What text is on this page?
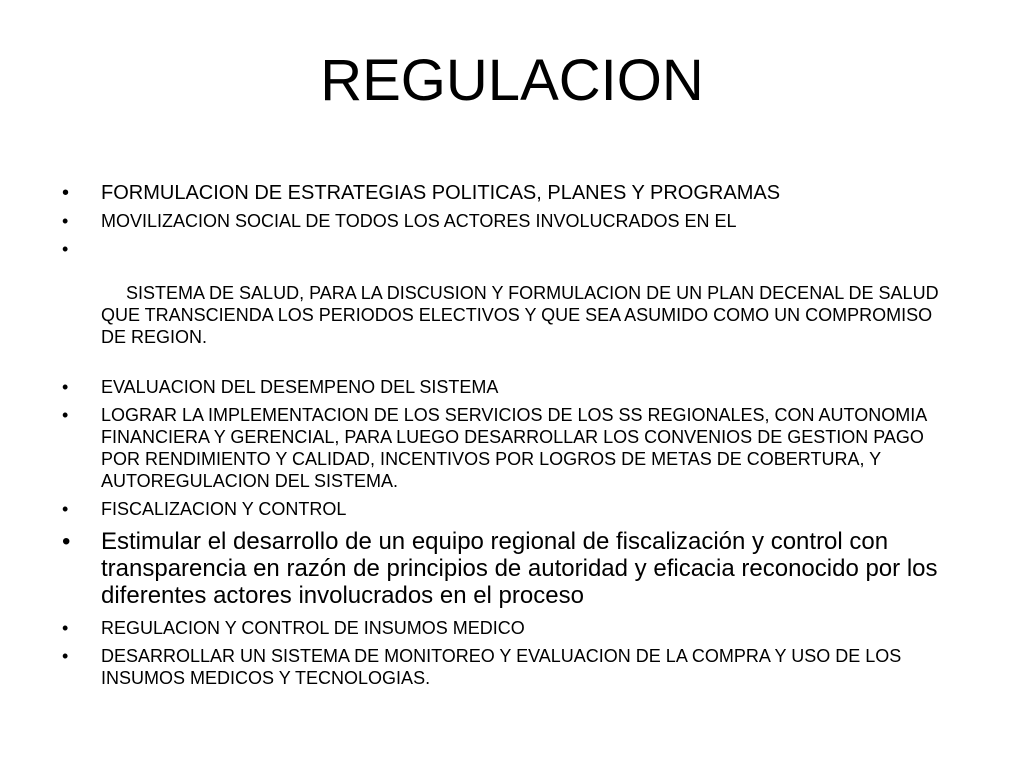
REGULACION
• FORMULACION DE ESTRATEGIAS POLITICAS, PLANES Y PROGRAMAS
• MOVILIZACION SOCIAL DE TODOS LOS ACTORES INVOLUCRADOS EN EL

•

SISTEMA DE SALUD, PARA LA DISCUSION Y FORMULACION DE UN PLAN DECENAL DE SALUD QUE TRANSCIENDA LOS PERIODOS ELECTIVOS Y QUE SEA ASUMIDO COMO UN COMPROMISO DE REGION.

• EVALUACION DEL DESEMPENO DEL SISTEMA
• LOGRAR LA IMPLEMENTACION DE LOS SERVICIOS DE LOS SS REGIONALES, CON AUTONOMIA FINANCIERA Y GERENCIAL, PARA LUEGO DESARROLLAR LOS CONVENIOS DE GESTION PAGO POR RENDIMIENTO Y CALIDAD, INCENTIVOS POR LOGROS DE METAS DE COBERTURA, Y AUTOREGULACION DEL SISTEMA.
• FISCALIZACION Y CONTROL
• Estimular el desarrollo de un equipo regional de fiscalización y control con transparencia en razón de principios de autoridad y eficacia reconocido por los diferentes actores involucrados en el proceso
• REGULACION Y CONTROL DE INSUMOS MEDICO
• DESARROLLAR UN SISTEMA DE MONITOREO Y EVALUACION DE LA COMPRA Y USO DE LOS INSUMOS MEDICOS Y TECNOLOGIAS.
